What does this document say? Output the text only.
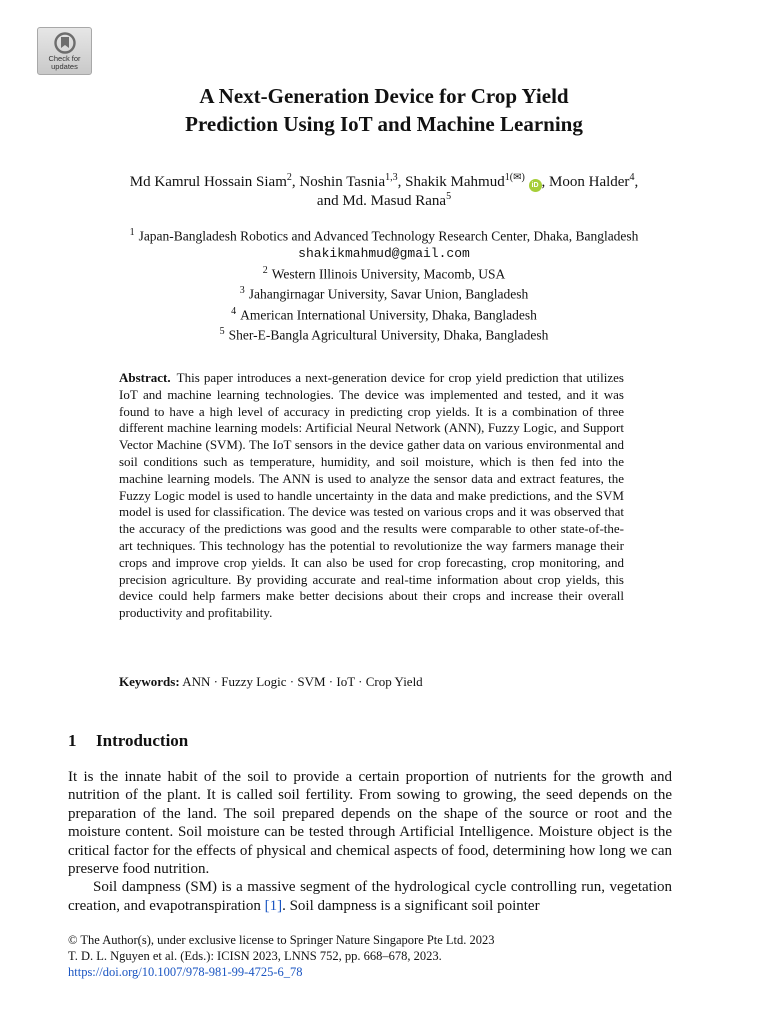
Check for
updates
A Next-Generation Device for Crop Yield
Prediction Using IoT and Machine Learning
Md Kamrul Hossain Siam$^2$, Noshin Tasnia$^{1,3}$, Shakik Mahmud$^{1(✉)}$ iD , Moon Halder$^4$,
and Md. Masud Rana$^5$
$^1$ Japan-Bangladesh Robotics and Advanced Technology Research Center, Dhaka, Bangladesh
shakikmahmud@gmail.com
$^2$ Western Illinois University, Macomb, USA
$^3$ Jahangirnagar University, Savar Union, Bangladesh
$^4$ American International University, Dhaka, Bangladesh
$^5$ Sher-E-Bangla Agricultural University, Dhaka, Bangladesh
Abstract. This paper introduces a next-generation device for crop yield prediction that utilizes IoT and machine learning technologies. The device was implemented and tested, and it was found to have a high level of accuracy in predicting crop yields. It is a combination of three different machine learning models: Artificial Neural Network (ANN), Fuzzy Logic, and Support Vector Machine (SVM). The IoT sensors in the device gather data on various environmental and soil conditions such as temperature, humidity, and soil moisture, which is then fed into the machine learning models. The ANN is used to analyze the sensor data and extract features, the Fuzzy Logic model is used to handle uncertainty in the data and make predictions, and the SVM model is used for classification. The device was tested on various crops and it was observed that the accuracy of the predictions was good and the results were comparable to other state-of-the-art techniques. This technology has the potential to revolutionize the way farmers manage their crops and improve crop yields. It can also be used for crop forecasting, crop monitoring, and precision agriculture. By providing accurate and real-time information about crop yields, this device could help farmers make better decisions about their crops and increase their overall productivity and profitability.
Keywords: ANN · Fuzzy Logic · SVM · IoT · Crop Yield
1 Introduction

It is the innate habit of the soil to provide a certain proportion of nutrients for the growth and nutrition of the plant. It is called soil fertility. From sowing to growing, the seed depends on the preparation of the land. The soil prepared depends on the shape of the source or root and the moisture content. Soil moisture can be tested through Artificial Intelligence. Moisture object is the critical factor for the effects of physical and chemical aspects of food, determining how long we can preserve food nutrition.

Soil dampness (SM) is a massive segment of the hydrological cycle controlling run, vegetation creation, and evapotranspiration [1]. Soil dampness is a significant soil pointer

© The Author(s), under exclusive license to Springer Nature Singapore Pte Ltd. 2023
T. D. L. Nguyen et al. (Eds.): ICISN 2023, LNNS 752, pp. 668–678, 2023.
https://doi.org/10.1007/978-981-99-4725-6_78
